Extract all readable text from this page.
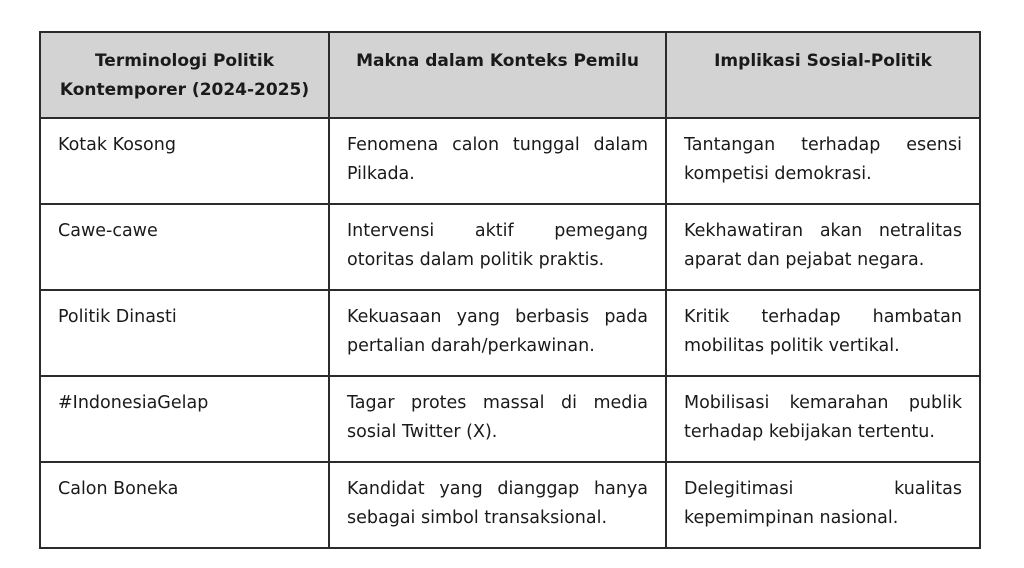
Terminologi Politik Kontemporer (2024-2025)	Makna dalam Konteks Pemilu	Implikasi Sosial-Politik
Kotak Kosong	Fenomena calon tunggal dalam Pilkada.	Tantangan terhadap esensi kompetisi demokrasi.
Cawe-cawe	Intervensi aktif pemegang otoritas dalam politik praktis.	Kekhawatiran akan netralitas aparat dan pejabat negara.
Politik Dinasti	Kekuasaan yang berbasis pada pertalian darah/perkawinan.	Kritik terhadap hambatan mobilitas politik vertikal.
#IndonesiaGelap	Tagar protes massal di media sosial Twitter (X).	Mobilisasi kemarahan publik terhadap kebijakan tertentu.
Calon Boneka	Kandidat yang dianggap hanya sebagai simbol transaksional.	Delegitimasi kualitas kepemimpinan nasional.
